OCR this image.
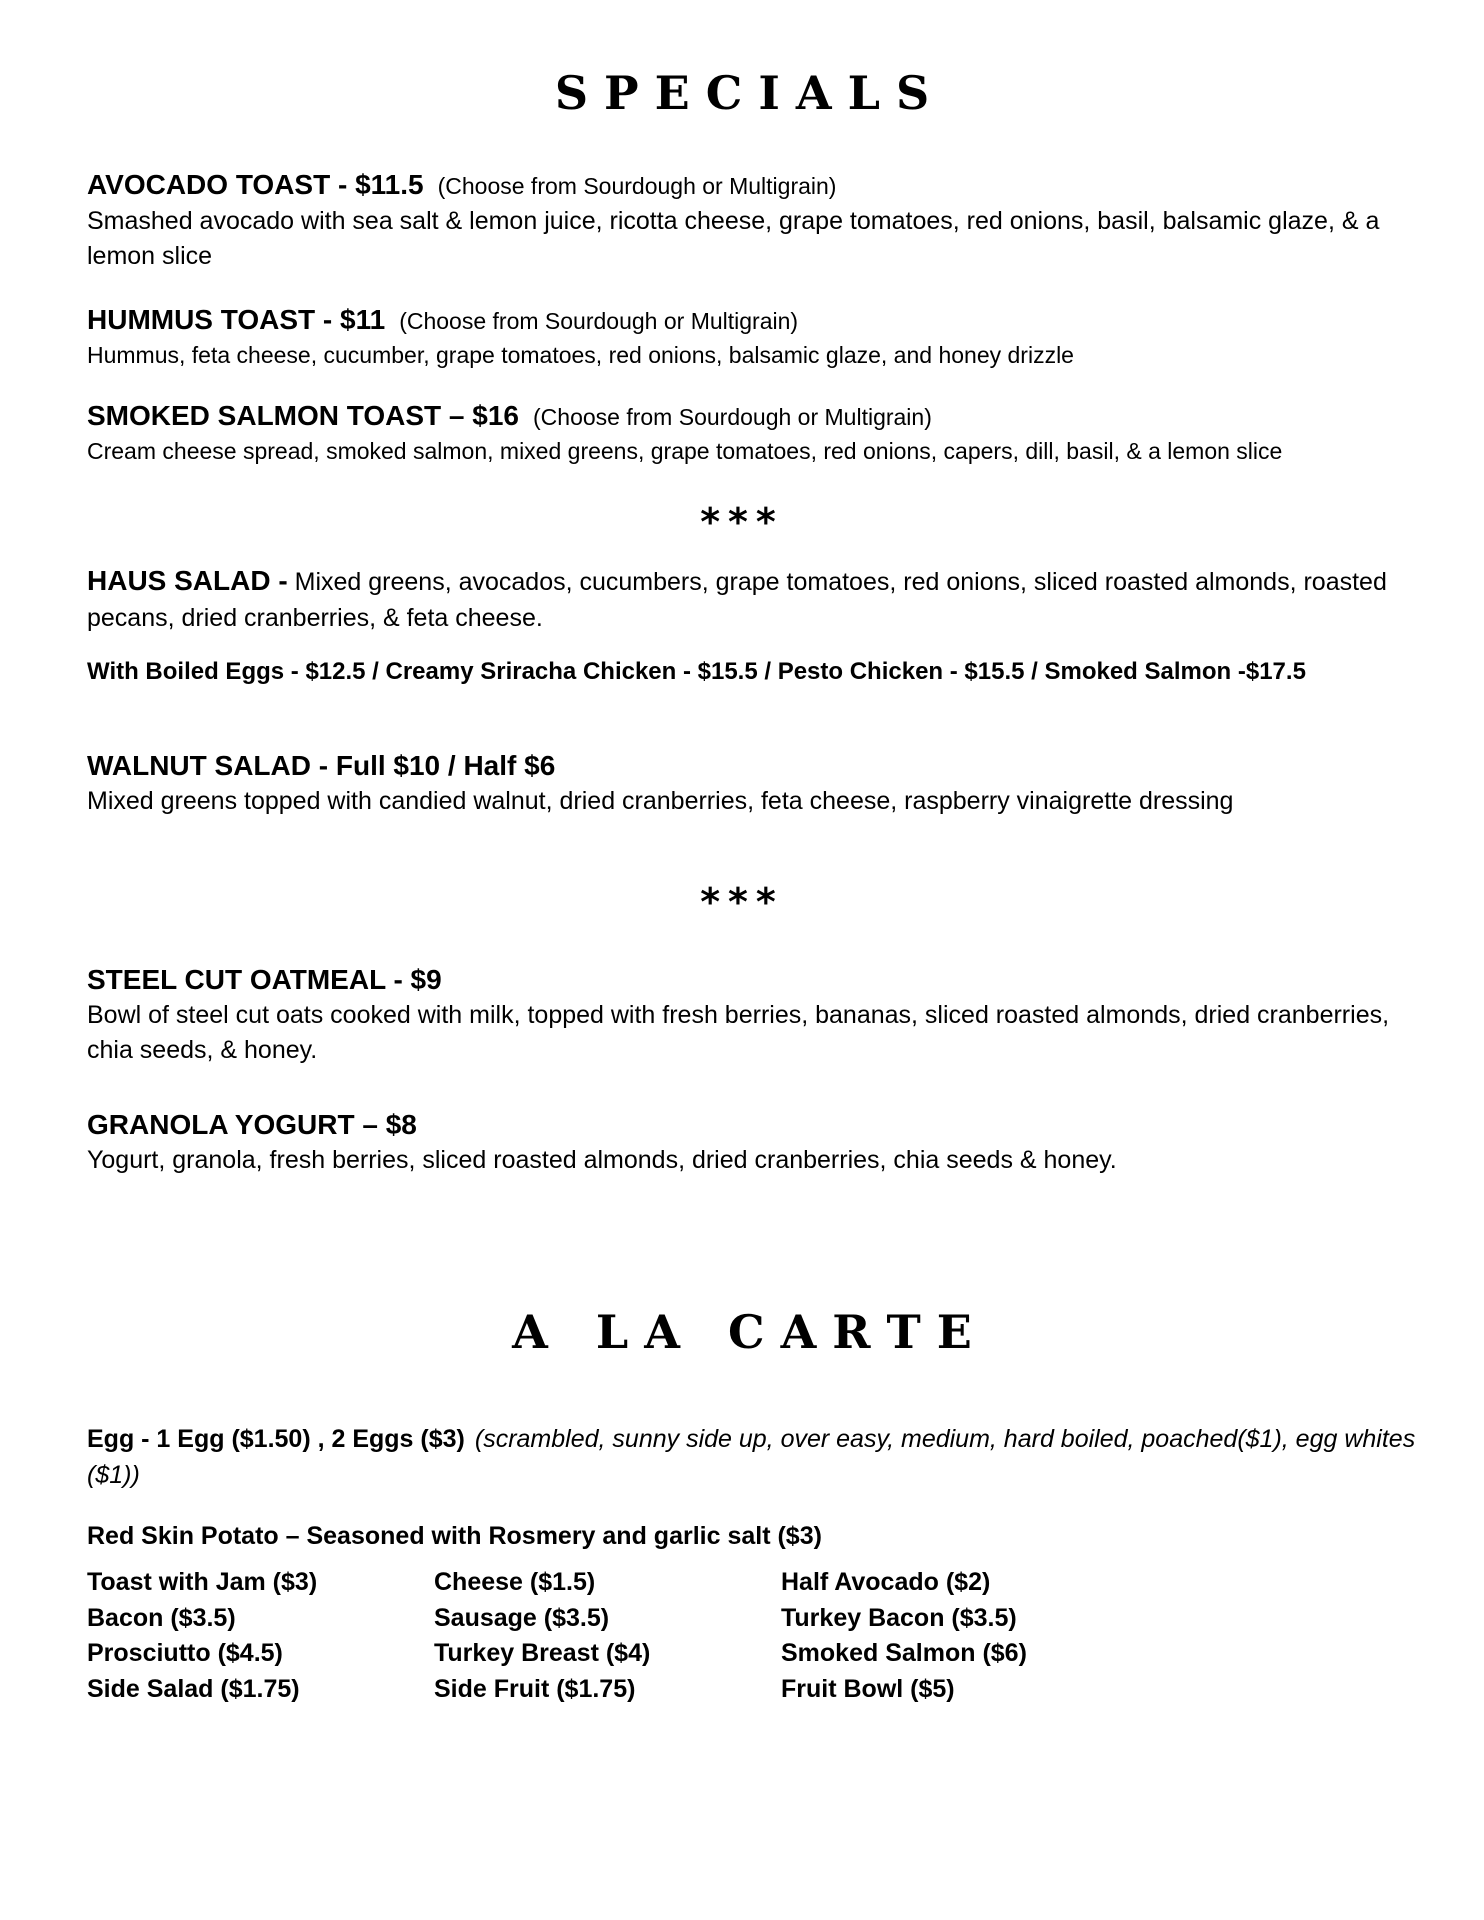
S P E C I A L S
AVOCADO TOAST - $11.5 (Choose from Sourdough or Multigrain)
Smashed avocado with sea salt & lemon juice, ricotta cheese, grape tomatoes, red onions, basil, balsamic glaze, & a lemon slice
HUMMUS TOAST - $11 (Choose from Sourdough or Multigrain)
Hummus, feta cheese, cucumber, grape tomatoes, red onions, balsamic glaze, and honey drizzle
SMOKED SALMON TOAST – $16 (Choose from Sourdough or Multigrain)
Cream cheese spread, smoked salmon, mixed greens, grape tomatoes, red onions, capers, dill, basil, & a lemon slice
***
HAUS SALAD - Mixed greens, avocados, cucumbers, grape tomatoes, red onions, sliced roasted almonds, roasted pecans, dried cranberries, & feta cheese.
With Boiled Eggs - $12.5 / Creamy Sriracha Chicken - $15.5 / Pesto Chicken - $15.5 / Smoked Salmon -$17.5
WALNUT SALAD - Full $10 / Half $6
Mixed greens topped with candied walnut, dried cranberries, feta cheese, raspberry vinaigrette dressing
***
STEEL CUT OATMEAL - $9
Bowl of steel cut oats cooked with milk, topped with fresh berries, bananas, sliced roasted almonds, dried cranberries, chia seeds, & honey.
GRANOLA YOGURT – $8
Yogurt, granola, fresh berries, sliced roasted almonds, dried cranberries, chia seeds & honey.
A   L A   C A R T E
Egg - 1 Egg ($1.50) , 2 Eggs ($3) (scrambled, sunny side up, over easy, medium, hard boiled, poached($1), egg whites ($1))
Red Skin Potato – Seasoned with Rosmery and garlic salt ($3)
Toast with Jam ($3)	Cheese ($1.5)	Half Avocado ($2)
Bacon ($3.5)	Sausage ($3.5)	Turkey Bacon ($3.5)
Prosciutto ($4.5)	Turkey Breast ($4)	Smoked Salmon ($6)
Side Salad ($1.75)	Side Fruit ($1.75)	Fruit Bowl ($5)
